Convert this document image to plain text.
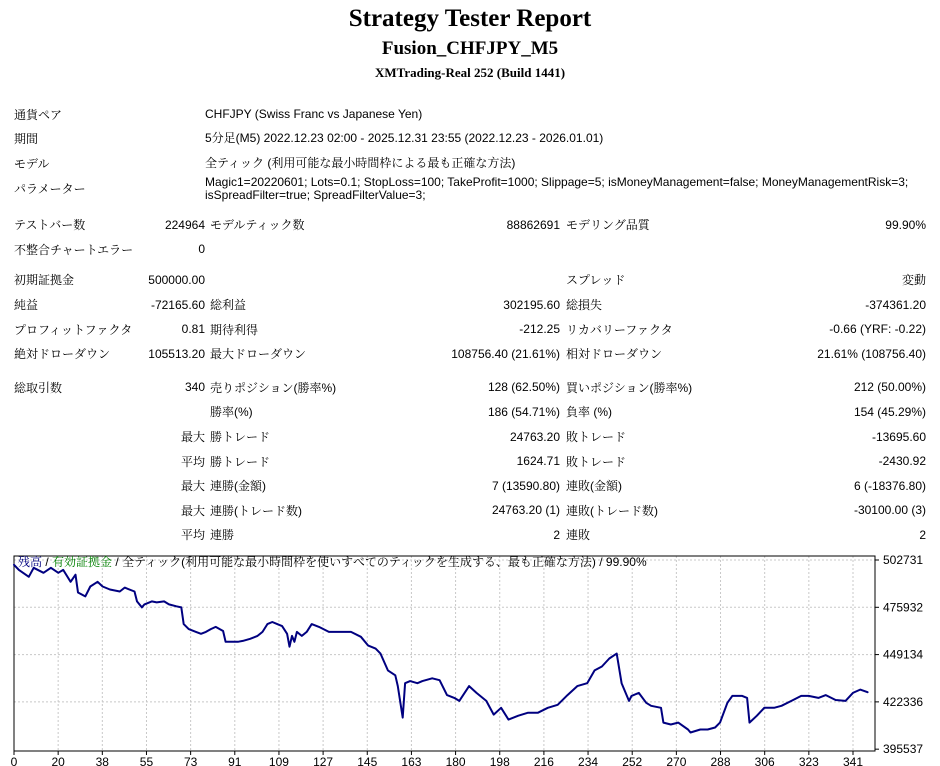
Strategy Tester Report
Fusion_CHFJPY_M5
XMTrading-Real 252 (Build 1441)
通貨ペア	CHFJPY (Swiss Franc vs Japanese Yen)
期間	5分足(M5) 2022.12.23 02:00 - 2025.12.31 23:55 (2022.12.23 - 2026.01.01)
モデル	全ティック (利用可能な最小時間枠による最も正確な方法)
パラメーター
Magic1=20220601; Lots=0.1; StopLoss=100; TakeProfit=1000; Slippage=5; isMoneyManagement=false; MoneyManagementRisk=3; isSpreadFilter=true; SpreadFilterValue=3;
テストバー数	224964 モデルティック数	88862691 モデリング品質	99.90%
不整合チャートエラー	0
初期証拠金	500000.00	スプレッド	変動
純益	-72165.60 総利益	302195.60 総損失	-374361.20
プロフィットファクタ	0.81 期待利得	-212.25 リカバリーファクタ	-0.66 (YRF: -0.22)
絶対ドローダウン	105513.20 最大ドローダウン	108756.40 (21.61%) 相対ドローダウン	21.61% (108756.40)
総取引数	340 売りポジション(勝率%)	128 (62.50%) 買いポジション(勝率%)	212 (50.00%)
勝率(%)	186 (54.71%) 負率 (%)	154 (45.29%)
最大 勝トレード	24763.20 敗トレード	-13695.60
平均 勝トレード	1624.71 敗トレード	-2430.92
最大 連勝(金額)	7 (13590.80) 連敗(金額)	6 (-18376.80)
最大 連勝(トレード数)	24763.20 (1) 連敗(トレード数)	-30100.00 (3)
平均 連勝	2 連敗	2
0	20	38	55	73	91 109 127 145 163 180 198 216 234 252 270 288 306 323 341
502731
475932
449134
422336
395537
残高 / 有効証拠金 / 全ティック(利用可能な最小時間枠を使いすべてのティックを生成する、最も正確な方法) / 99.90%
